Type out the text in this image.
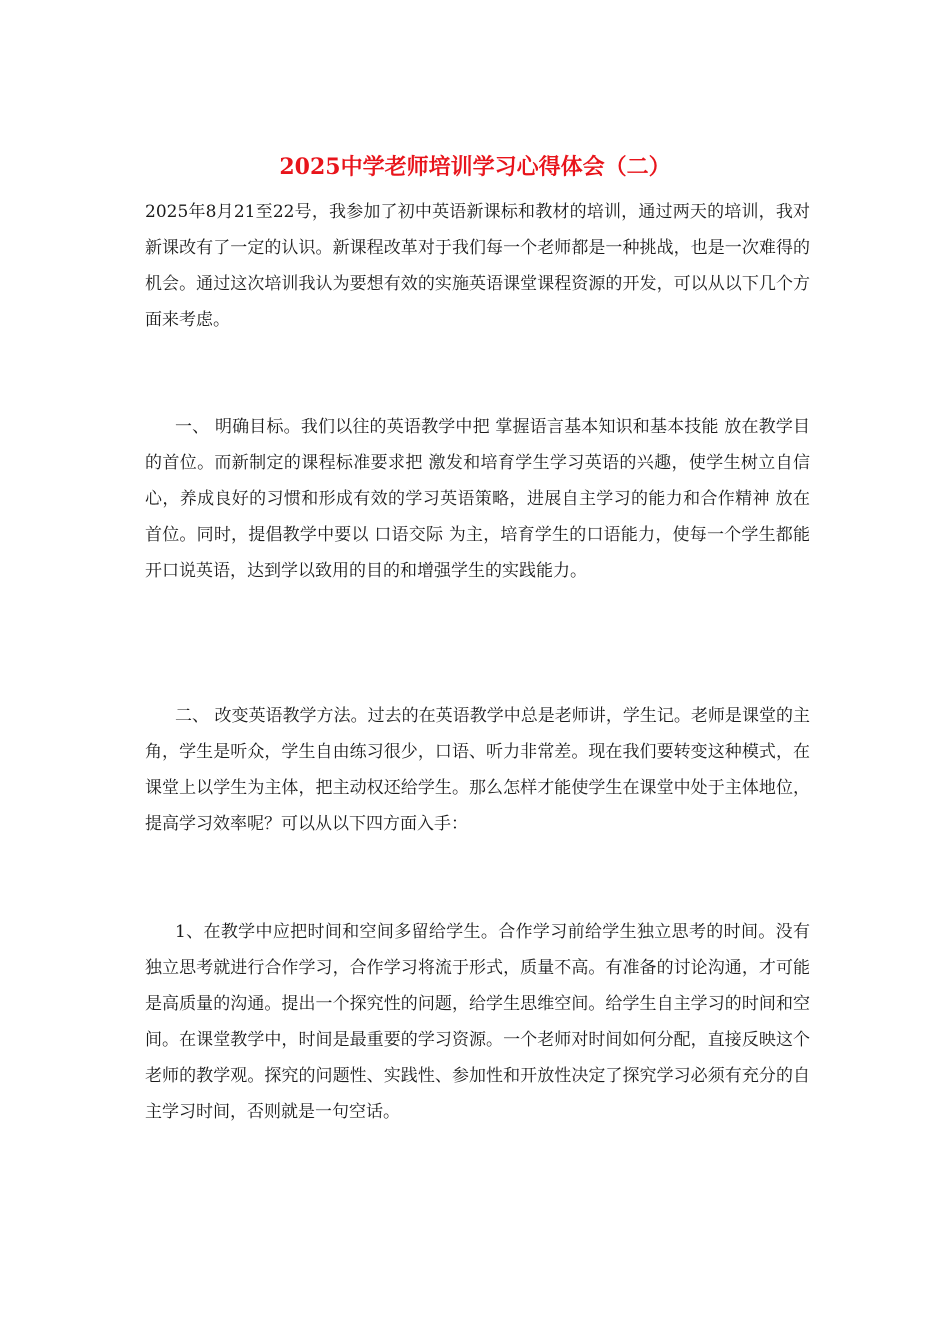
2025中学老师培训学习心得体会（二）

2025年8月21至22号，我参加了初中英语新课标和教材的培训，通过两天的培训，我对新课改有了一定的认识。新课程改革对于我们每一个老师都是一种挑战，也是一次难得的机会。通过这次培训我认为要想有效的实施英语课堂课程资源的开发，可以从以下几个方面来考虑。

一、 明确目标。我们以往的英语教学中把 掌握语言基本知识和基本技能 放在教学目的首位。而新制定的课程标准要求把 激发和培育学生学习英语的兴趣，使学生树立自信心，养成良好的习惯和形成有效的学习英语策略，进展自主学习的能力和合作精神 放在首位。同时，提倡教学中要以 口语交际 为主，培育学生的口语能力，使每一个学生都能开口说英语，达到学以致用的目的和增强学生的实践能力。

二、 改变英语教学方法。过去的在英语教学中总是老师讲，学生记。老师是课堂的主角，学生是听众，学生自由练习很少，口语、听力非常差。现在我们要转变这种模式，在课堂上以学生为主体，把主动权还给学生。那么怎样才能使学生在课堂中处于主体地位，提高学习效率呢？可以从以下四方面入手：

1、在教学中应把时间和空间多留给学生。合作学习前给学生独立思考的时间。没有独立思考就进行合作学习，合作学习将流于形式，质量不高。有准备的讨论沟通，才可能是高质量的沟通。提出一个探究性的问题，给学生思维空间。给学生自主学习的时间和空间。在课堂教学中，时间是最重要的学习资源。一个老师对时间如何分配，直接反映这个老师的教学观。探究的问题性、实践性、参加性和开放性决定了探究学习必须有充分的自主学习时间，否则就是一句空话。
